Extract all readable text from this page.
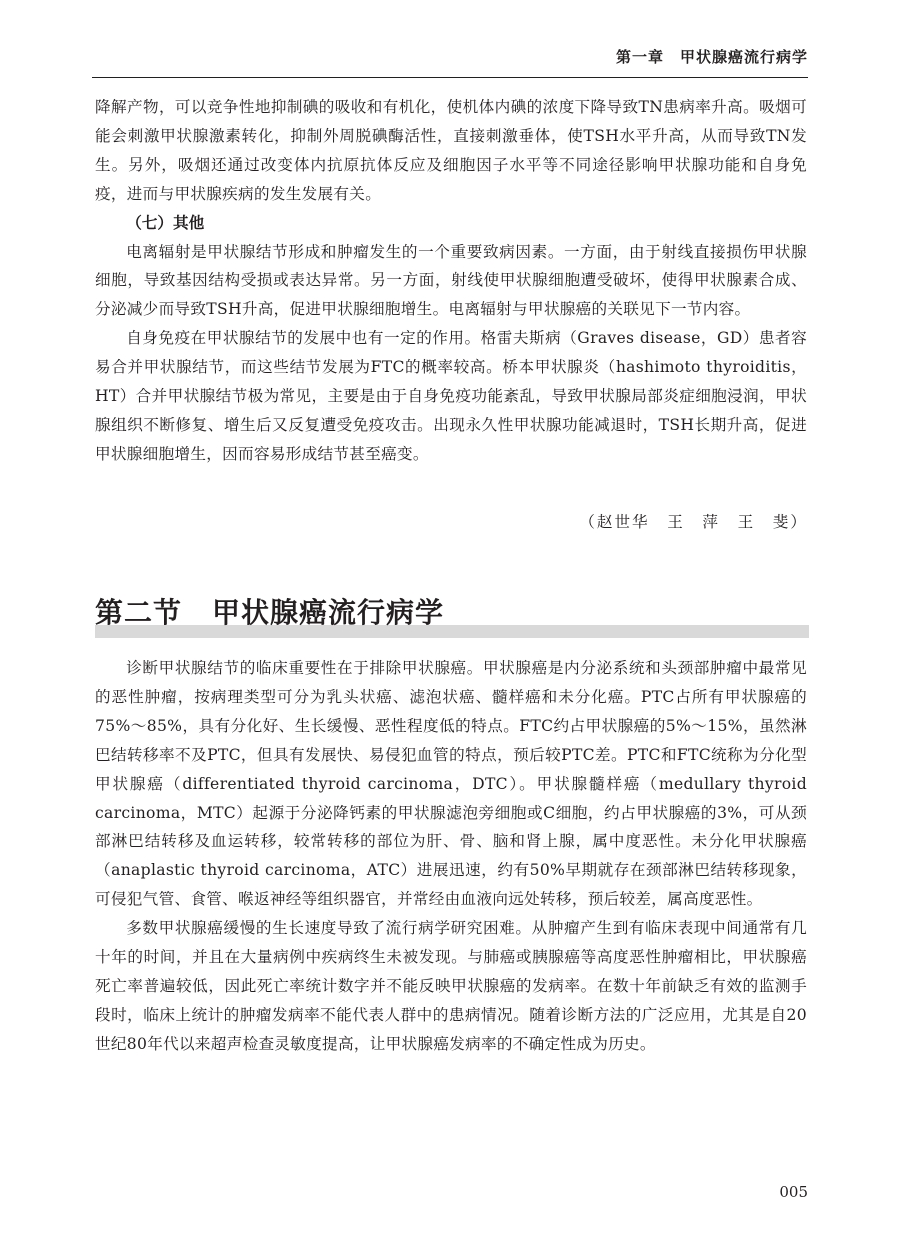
第一章　甲状腺癌流行病学

降解产物，可以竞争性地抑制碘的吸收和有机化，使机体内碘的浓度下降导致TN患病率升高。吸烟可能会刺激甲状腺激素转化，抑制外周脱碘酶活性，直接刺激垂体，使TSH水平升高，从而导致TN发生。另外，吸烟还通过改变体内抗原抗体反应及细胞因子水平等不同途径影响甲状腺功能和自身免疫，进而与甲状腺疾病的发生发展有关。

（七）其他

电离辐射是甲状腺结节形成和肿瘤发生的一个重要致病因素。一方面，由于射线直接损伤甲状腺细胞，导致基因结构受损或表达异常。另一方面，射线使甲状腺细胞遭受破坏，使得甲状腺素合成、分泌减少而导致TSH升高，促进甲状腺细胞增生。电离辐射与甲状腺癌的关联见下一节内容。

自身免疫在甲状腺结节的发展中也有一定的作用。格雷夫斯病（Graves disease，GD）患者容易合并甲状腺结节，而这些结节发展为FTC的概率较高。桥本甲状腺炎（hashimoto thyroiditis，HT）合并甲状腺结节极为常见，主要是由于自身免疫功能紊乱，导致甲状腺局部炎症细胞浸润，甲状腺组织不断修复、增生后又反复遭受免疫攻击。出现永久性甲状腺功能减退时，TSH长期升高，促进甲状腺细胞增生，因而容易形成结节甚至癌变。

（赵世华　王　萍　王　斐）
第二节 甲状腺癌流行病学

诊断甲状腺结节的临床重要性在于排除甲状腺癌。甲状腺癌是内分泌系统和头颈部肿瘤中最常见的恶性肿瘤，按病理类型可分为乳头状癌、滤泡状癌、髓样癌和未分化癌。PTC占所有甲状腺癌的75%～85%，具有分化好、生长缓慢、恶性程度低的特点。FTC约占甲状腺癌的5%～15%，虽然淋巴结转移率不及PTC，但具有发展快、易侵犯血管的特点，预后较PTC差。PTC和FTC统称为分化型甲状腺癌（differentiated thyroid carcinoma，DTC）。甲状腺髓样癌（medullary thyroid carcinoma，MTC）起源于分泌降钙素的甲状腺滤泡旁细胞或C细胞，约占甲状腺癌的3%，可从颈部淋巴结转移及血运转移，较常转移的部位为肝、骨、脑和肾上腺，属中度恶性。未分化甲状腺癌（anaplastic thyroid carcinoma，ATC）进展迅速，约有50%早期就存在颈部淋巴结转移现象，可侵犯气管、食管、喉返神经等组织器官，并常经由血液向远处转移，预后较差，属高度恶性。

多数甲状腺癌缓慢的生长速度导致了流行病学研究困难。从肿瘤产生到有临床表现中间通常有几十年的时间，并且在大量病例中疾病终生未被发现。与肺癌或胰腺癌等高度恶性肿瘤相比，甲状腺癌死亡率普遍较低，因此死亡率统计数字并不能反映甲状腺癌的发病率。在数十年前缺乏有效的监测手段时，临床上统计的肿瘤发病率不能代表人群中的患病情况。随着诊断方法的广泛应用，尤其是自20世纪80年代以来超声检查灵敏度提高，让甲状腺癌发病率的不确定性成为历史。

005
